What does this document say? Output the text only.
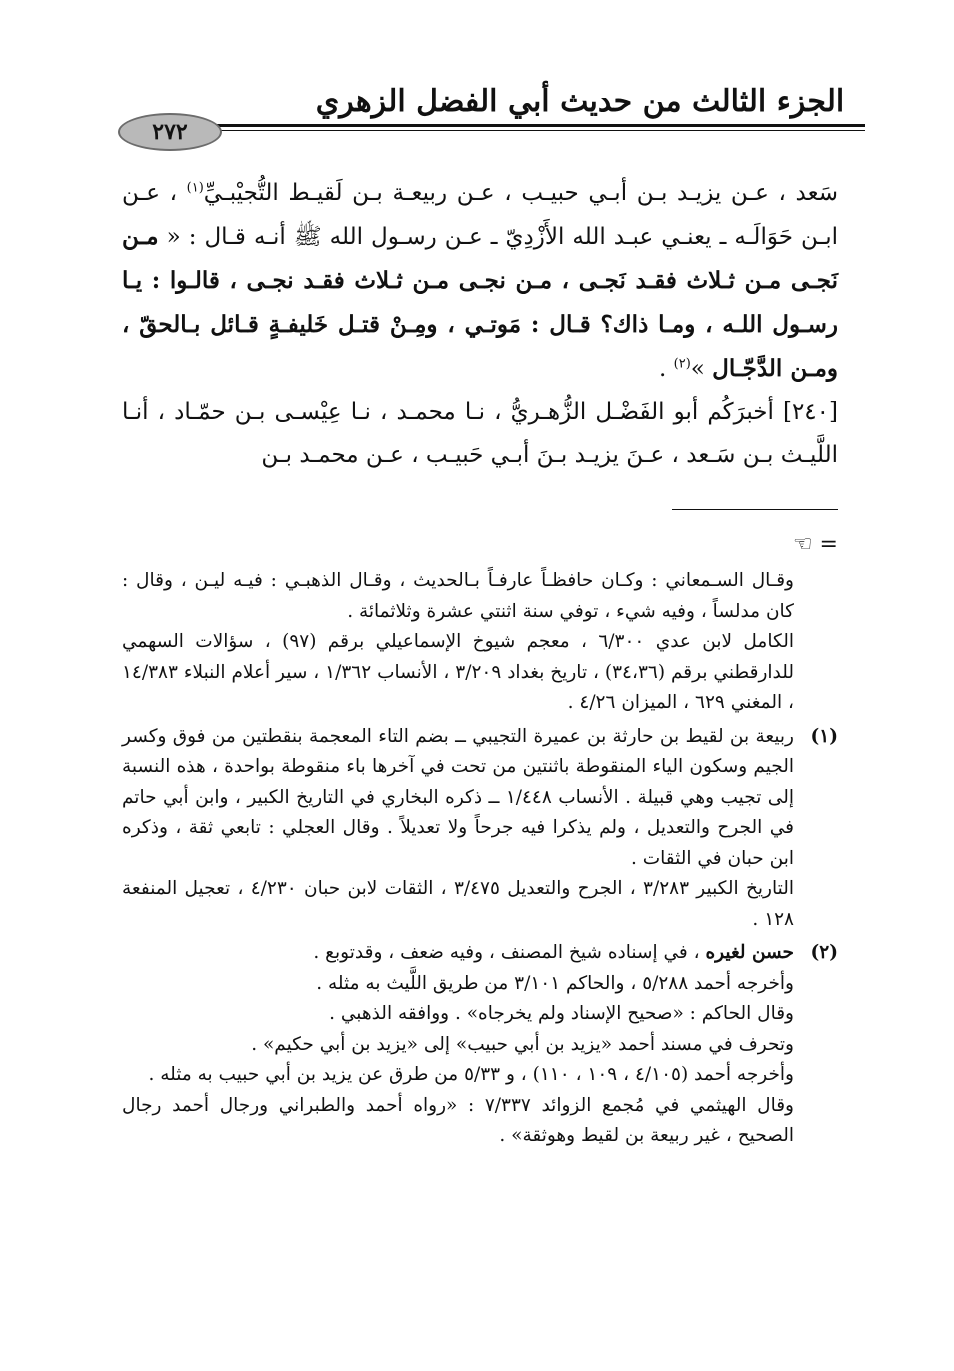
الجزء الثالث من حديث أبي الفضل الزهري
٢٧٢

سَعد ، عـن يزيـد بـن أبـي حبيـب ، عـن ربيعـة بـن لَقيـط التُّجيْبـيِّ$^{(١)}$ ، عـن ابـن حَوَالَـه ـ يعنـي عبـد الله الأَزْدِيّ ـ عـن رسـول الله ﷺ أنـه قـال : « مـن نَجـى مـن ثـلاث فقـد نَجـى ، مـن نجـى مـن ثـلاث فقـد نجـى ، قالـوا : يـا رسـول اللـه ، ومـا ذاك؟ قـال : مَوتـي ، ومِـنْ قتـل خَليفـةٍ قـائل بـالحقّ ، ومـن الدَّجّـال »$^{(٢)}$ .

[٢٤٠] أخبرَكُم أبو الفَضْـل الزُّهـريُّ ، نـا محمـد ، نـا عِيْسـى بـن حمّـاد ، أنـا اللَّيـث بـن سَـعد ، عـنَ يزيـد بـنَ أبـي حَبيـب ، عـن محمـد بـن

= ☜

وقـال السـمعاني : وكـان حافظـاً عارفـاً بـالحديث ، وقـال الذهبـي : فيـه ليـن ، وقال : كان مدلساً ، وفيه شيء ، توفي سنة اثنتي عشرة وثلاثمائة .

الكامل لابن عدي ٦/٣٠٠ ، معجم شيوخ الإسماعيلي برقم (٩٧) ، سؤالات السهمي للدارقطني برقم (٣٤،٣٦) ، تاريخ بغداد ٣/٢٠٩ ، الأنساب ١/٣٦٢ ، سير أعلام النبلاء ١٤/٣٨٣ ، المغني ٦٢٩ ، الميزان ٤/٢٦ .

(١)ربيعة بن لقيط بن حارثة بن عميرة التجيبي ــ بضم التاء المعجمة بنقطتين من فوق وكسر الجيم وسكون الياء المنقوطة باثنتين من تحت في آخرها باء منقوطة بواحدة ، هذه النسبة إلى تجيب وهي قبيلة . الأنساب ١/٤٤٨ ــ ذكره البخاري في التاريخ الكبير ، وابن أبي حاتم في الجرح والتعديل ، ولم يذكرا فيه جرحاً ولا تعديلاً . وقال العجلي : تابعي ثقة ، وذكره ابن حبان في الثقات .

التاريخ الكبير ٣/٢٨٣ ، الجرح والتعديل ٣/٤٧٥ ، الثقات لابن حبان ٤/٢٣٠ ، تعجيل المنفعة ١٢٨ .

(٢)حسن لغيره ، في إسناده شيخ المصنف ، وفيه ضعف ، وقدتوبع .

وأخرجه أحمد ٥/٢٨٨ ، والحاكم ٣/١٠١ من طريق اللَّيث به مثله .

وقال الحاكم : «صحيح الإسناد ولم يخرجاه» . ووافقه الذهبي .

وتحرف في مسند أحمد «يزيد بن أبي حبيب» إلى «يزيد بن أبي حكيم» .

وأخرجه أحمد (٤/١٠٥ ، ١٠٩ ، ١١٠) ، و ٥/٣٣ من طرق عن يزيد بن أبي حبيب به مثله .

وقال الهيثمي في مُجمع الزوائد ٧/٣٣٧ : «رواه أحمد والطبراني ورجال أحمد رجال الصحيح ، غير ربيعة بن لقيط وهوثقة» .
